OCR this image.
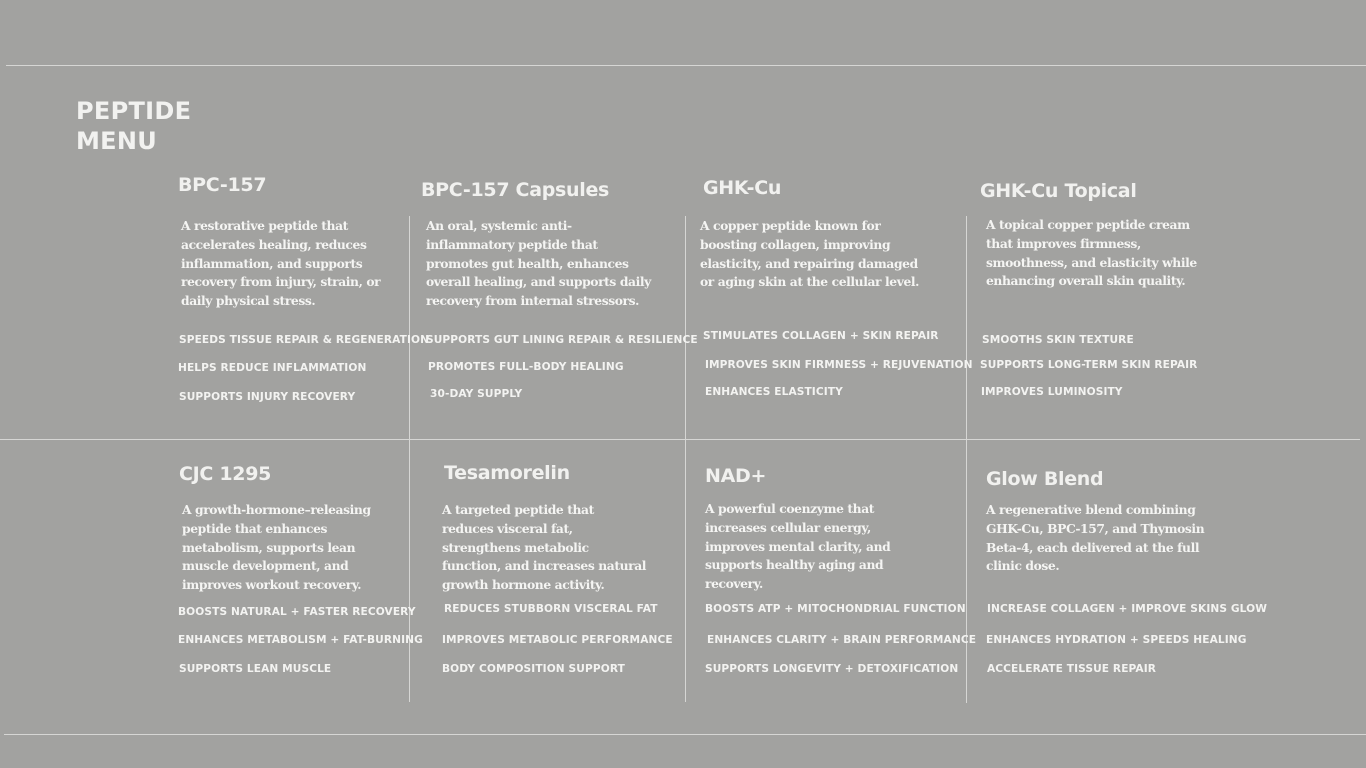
PEPTIDE
MENU
BPC-157
A restorative peptide that accelerates healing, reduces inflammation, and supports recovery from injury, strain, or daily physical stress.
SPEEDS TISSUE REPAIR & REGENERATION
HELPS REDUCE INFLAMMATION
SUPPORTS INJURY RECOVERY
BPC-157 Capsules
An oral, systemic anti-inflammatory peptide that promotes gut health, enhances overall healing, and supports daily recovery from internal stressors.
SUPPORTS GUT LINING REPAIR & RESILIENCE
PROMOTES FULL-BODY HEALING
30-DAY SUPPLY
GHK-Cu
A copper peptide known for boosting collagen, improving elasticity, and repairing damaged or aging skin at the cellular level.
STIMULATES COLLAGEN + SKIN REPAIR
IMPROVES SKIN FIRMNESS + REJUVENATION
ENHANCES ELASTICITY
GHK-Cu Topical
A topical copper peptide cream that improves firmness, smoothness, and elasticity while enhancing overall skin quality.
SMOOTHS SKIN TEXTURE
SUPPORTS LONG-TERM SKIN REPAIR
IMPROVES LUMINOSITY
CJC 1295
A growth-hormone–releasing peptide that enhances metabolism, supports lean muscle development, and improves workout recovery.
BOOSTS NATURAL + FASTER RECOVERY
ENHANCES METABOLISM + FAT-BURNING
SUPPORTS LEAN MUSCLE
Tesamorelin
A targeted peptide that reduces visceral fat, strengthens metabolic function, and increases natural growth hormone activity.
REDUCES STUBBORN VISCERAL FAT
IMPROVES METABOLIC PERFORMANCE
BODY COMPOSITION SUPPORT
NAD+
A powerful coenzyme that increases cellular energy, improves mental clarity, and supports healthy aging and recovery.
BOOSTS ATP + MITOCHONDRIAL FUNCTION
ENHANCES CLARITY + BRAIN PERFORMANCE
SUPPORTS LONGEVITY + DETOXIFICATION
Glow Blend
A regenerative blend combining GHK-Cu, BPC-157, and Thymosin Beta-4, each delivered at the full clinic dose.
INCREASE COLLAGEN + IMPROVE SKINS GLOW
ENHANCES HYDRATION + SPEEDS HEALING
ACCELERATE TISSUE REPAIR
